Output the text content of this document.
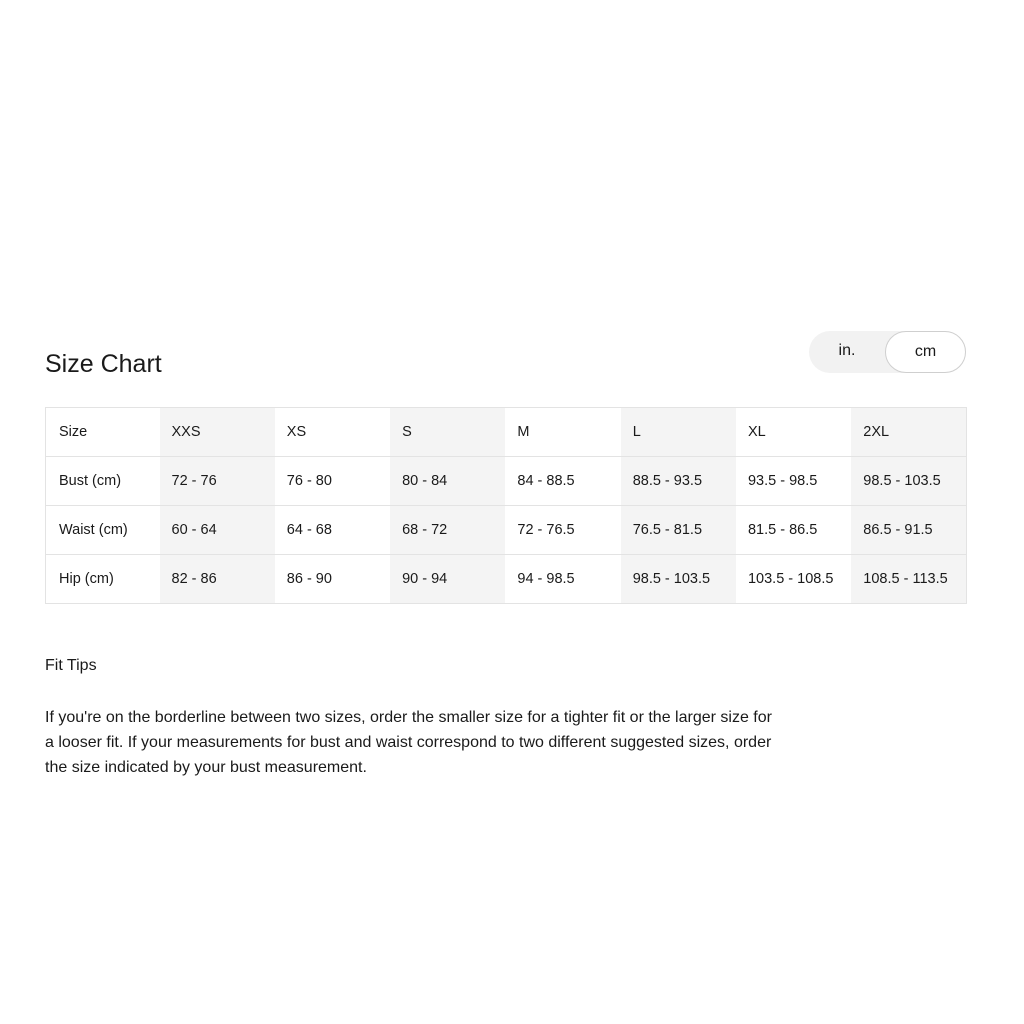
Size Chart	in.	cm
Size	XXS	XS	S	M	L	XL	2XL
Bust (cm)	72 - 76	76 - 80	80 - 84	84 - 88.5	88.5 - 93.5	93.5 - 98.5	98.5 - 103.5
Waist (cm)	60 - 64	64 - 68	68 - 72	72 - 76.5	76.5 - 81.5	81.5 - 86.5	86.5 - 91.5
Hip (cm)	82 - 86	86 - 90	90 - 94	94 - 98.5	98.5 - 103.5	103.5 - 108.5	108.5 - 113.5
Fit Tips

If you're on the borderline between two sizes, order the smaller size for a tighter fit or the larger size for a looser fit. If your measurements for bust and waist correspond to two different suggested sizes, order the size indicated by your bust measurement.
